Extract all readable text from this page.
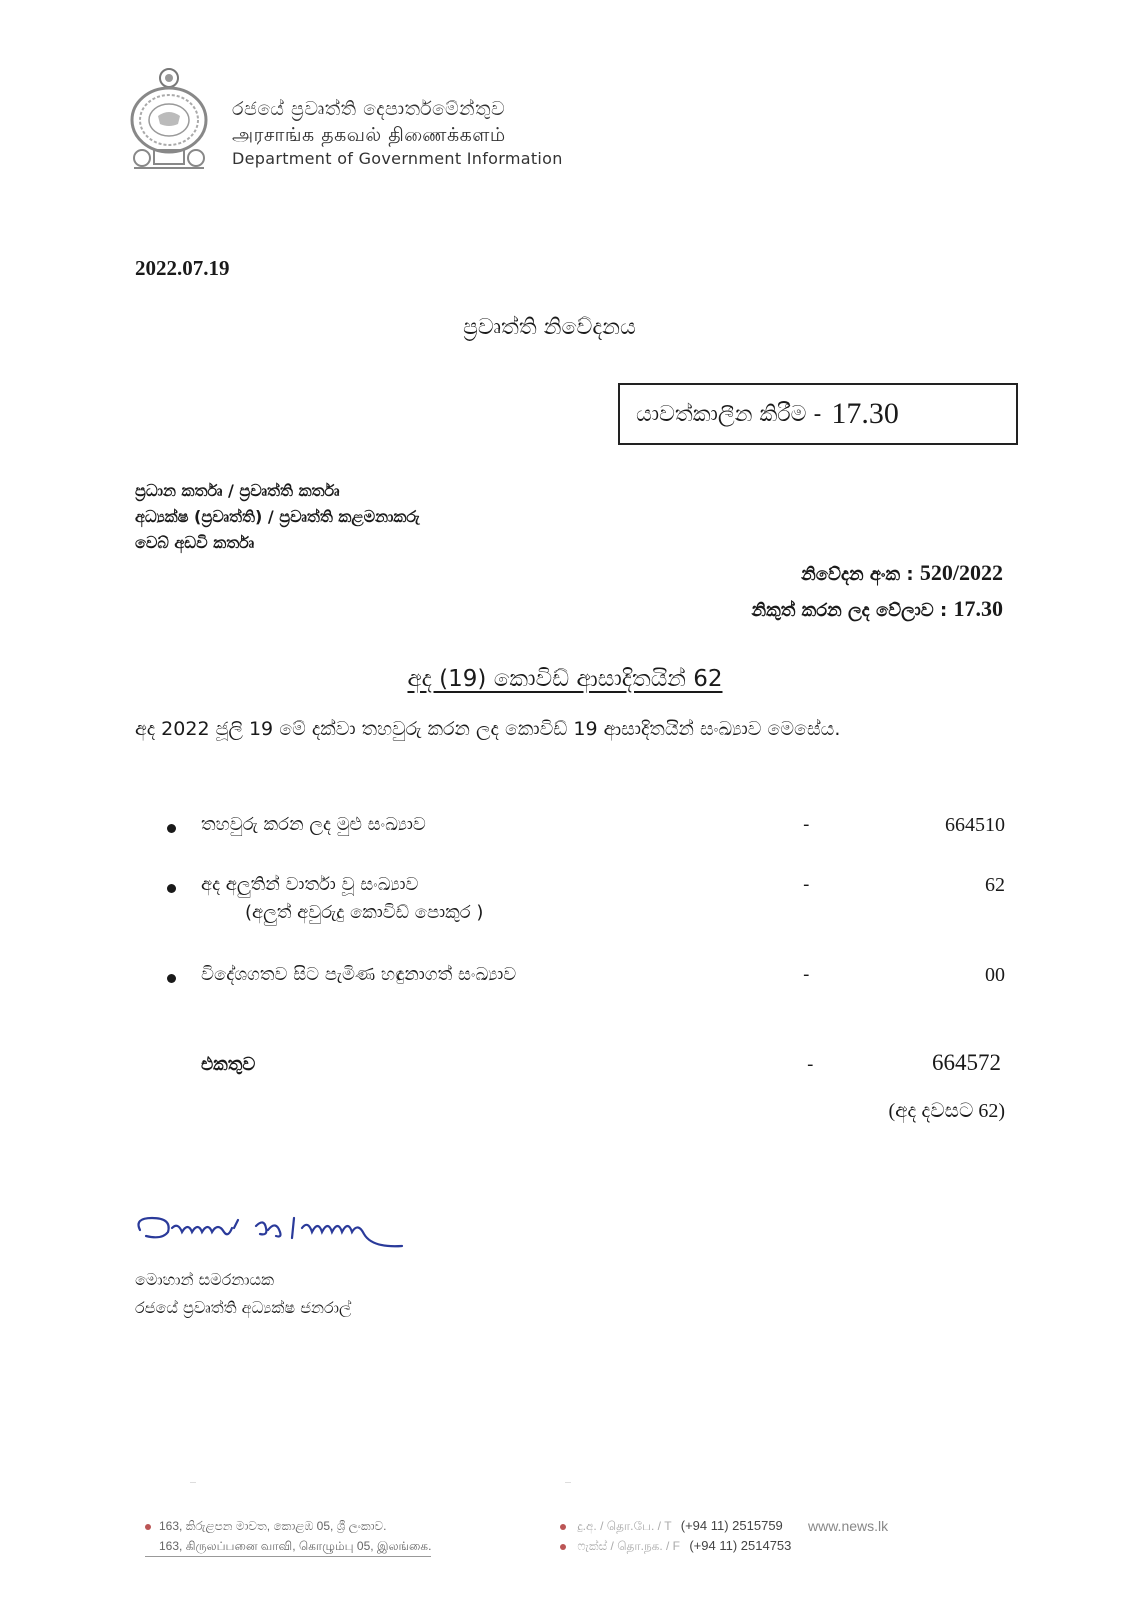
රජයේ ප්‍රවෘත්ති දෙපාර්තමේන්තුව
அரசாங்க தகவல் திணைக்களம்
Department of Government Information
2022.07.19
ප්‍රවෘත්ති නිවේදනය
යාවත්කාලීන කිරීම - 17.30
ප්‍රධාන කර්තෘ / ප්‍රවෘත්ති කර්තෘ
අධ්‍යක්ෂ (ප්‍රවෘත්ති) / ප්‍රවෘත්ති කළමනාකරු
වෙබ් අඩවි කර්තෘ
නිවේදන අංක : 520/2022
නිකුත් කරන ලද වේලාව : 17.30
අද (19) කොවිඩ් ආසාදිතයින් 62
අද 2022 ජූලි 19 මේ දක්වා තහවුරු කරන ලද කොවිඩ් 19 ආසාදිතයින් සංඛ්‍යාව මෙසේය.
තහවුරු කරන ලද මුළු සංඛ්‍යාව	-	664510
අද අලුතින් වාර්තා වූ සංඛ්‍යාව
(අලුත් අවුරුදු කොවිඩ් පොකුර )
-	62
විදේශගතව සිට පැමිණ හඳුනාගත් සංඛ්‍යාව	-	00
එකතුව	-	664572
(අද දවසට 62)
මොහාන් සමරනායක
රජයේ ප්‍රවෘත්ති අධ්‍යක්ෂ ජනරාල්
163, කිරුළපන මාවත, කොළඹ 05, ශ්‍රී ලංකාව.
163, கிருலப்பனை வாவி, கொழும்பு 05, இலங்கை.
දු.අ. / தொ.பே. / T (+94 11) 2515759
ෆැක්ස් / தொ.நக. / F (+94 11) 2514753
www.news.lk
